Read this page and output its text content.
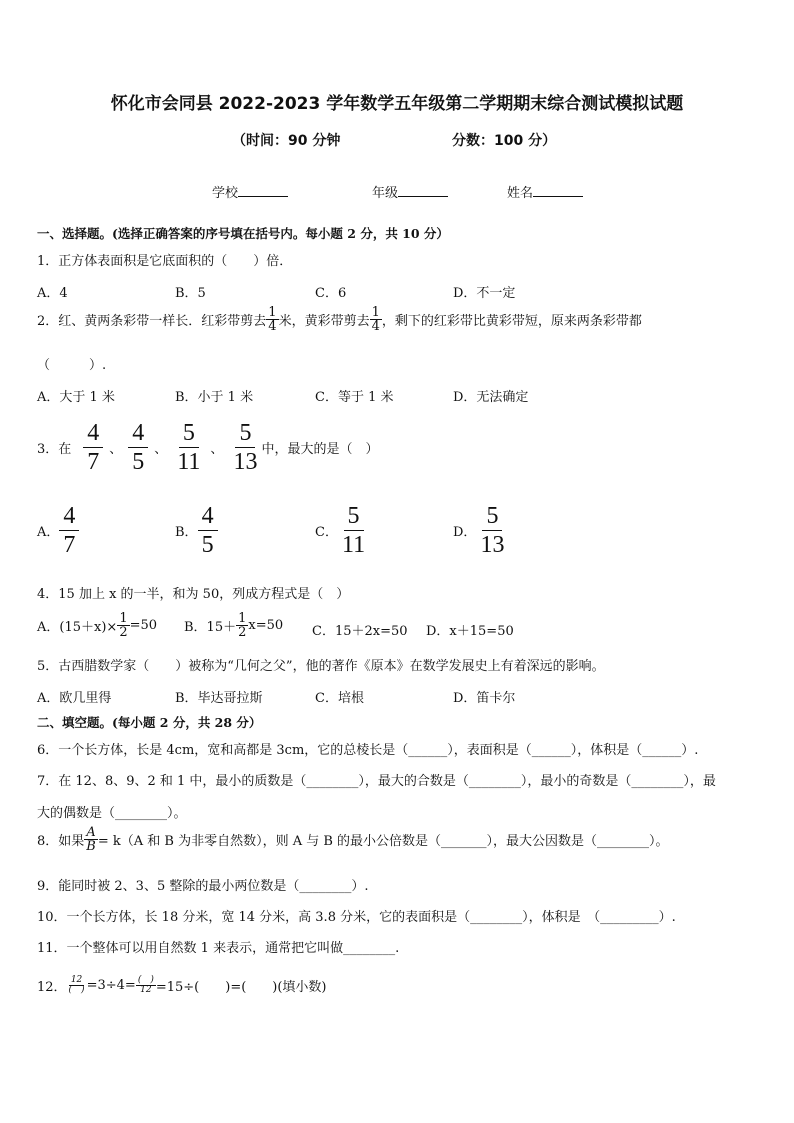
怀化市会同县 2022-2023 学年数学五年级第二学期期末综合测试模拟试题
（时间：90 分钟	分数：100 分）
学校	年级	姓名
一、选择题。(选择正确答案的序号填在括号内。每小题 2 分，共 10 分）
1．正方体表面积是它底面积的（　　）倍．
A．4	B．5	C．6	D．不一定
2．红、黄两条彩带一样长．红彩带剪去 $\frac{1}{4}$ 米，黄彩带剪去 $\frac{1}{4}$ ，剩下的红彩带比黄彩带短，原来两条彩带都
（　　　）.
A．大于 1 米	B．小于 1 米	C．等于 1 米	D．无法确定
3．在 $\frac{4}{7}$ 、 $\frac{4}{5}$ 、 $\frac{5}{11}$ 、 $\frac{5}{13}$ 中，最大的是（　）
A． $\frac{4}{7}$	B． $\frac{4}{5}$	C． $\frac{5}{11}$	D． $\frac{5}{13}$
4．15 加上 x 的一半，和为 50，列成方程式是（　）
A．$(15+x)\times \frac{1}{2} =50$ B．$15+ \frac{1}{2} x=50$ C．15＋2x=50 D．x＋15=50
5．古西腊数学家（　　）被称为“几何之父”，他的著作《原本》在数学发展史上有着深远的影响。
A．欧几里得	B．毕达哥拉斯	C．培根	D．笛卡尔
二、填空题。(每小题 2 分，共 28 分）
6．一个长方体，长是 4cm，宽和高都是 3cm，它的总棱长是（______），表面积是（______），体积是（______）.
7．在 12、8、9、2 和 1 中，最小的质数是（________），最大的合数是（________），最小的奇数是（________），最
大的偶数是（________）。
8．如果 $\frac{A}{B} = k(A$ 和 B 为非零自然数），则 A 与 B 的最小公倍数是（_______），最大公因数是（________）。
9．能同时被 2、3、5 整除的最小两位数是（________）.
10．一个长方体，长 18 分米，宽 14 分米，高 3.8 分米，它的表面积是（________），体积是　（_________）.
11．一个整体可以用自然数 1 来表示，通常把它叫做________.
12． $\frac{12}{( )} =3\div 4= \frac{( )}{12} =15\div$(　　)=(　　)(填小数)
